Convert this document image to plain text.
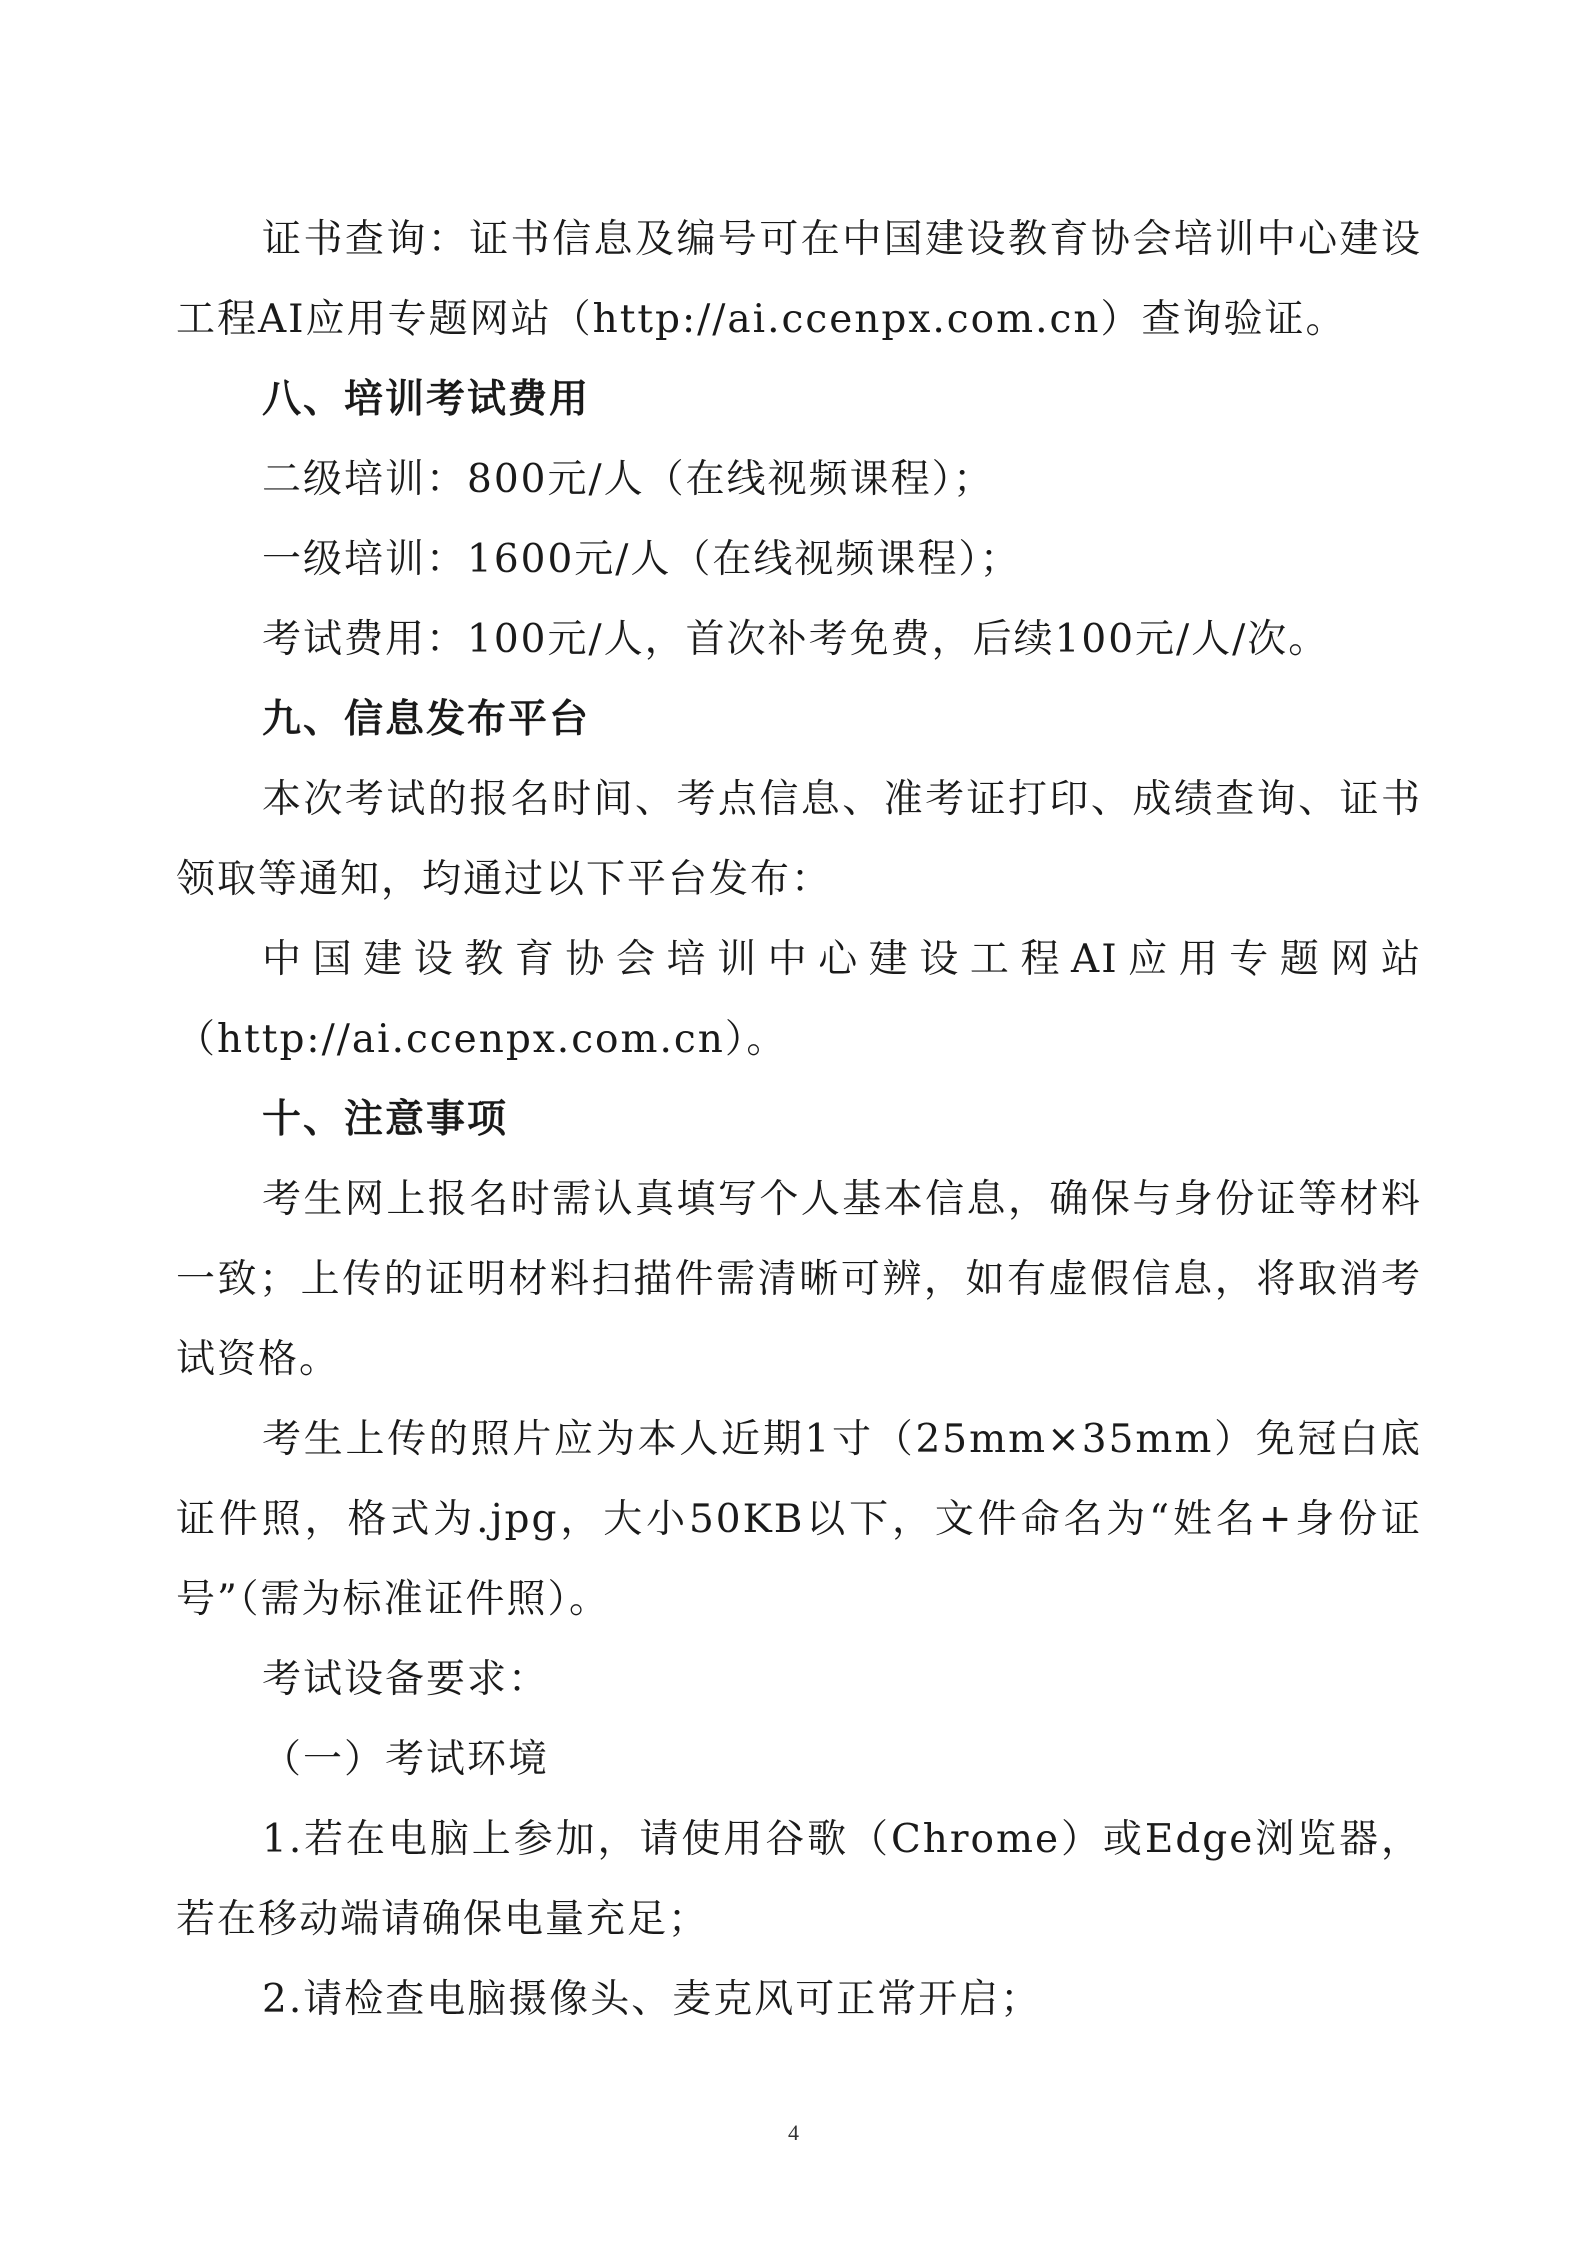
证书查询：证书信息及编号可在中国建设教育协会培训中心建设工程AI应用专题网站（http://ai.ccenpx.com.cn）查询验证。

八、培训考试费用

二级培训：800元/人（在线视频课程）；

一级培训：1600元/人（在线视频课程）；

考试费用：100元/人，首次补考免费，后续100元/人/次。

九、信息发布平台

本次考试的报名时间、考点信息、准考证打印、成绩查询、证书领取等通知，均通过以下平台发布：

中国建设教育协会培训中心建设工程AI应用专题网站（http://ai.ccenpx.com.cn）。

十、注意事项

考生网上报名时需认真填写个人基本信息，确保与身份证等材料一致；上传的证明材料扫描件需清晰可辨，如有虚假信息，将取消考试资格。

考生上传的照片应为本人近期1寸（25mm×35mm）免冠白底证件照，格式为.jpg，大小50KB以下，文件命名为“姓名+身份证号”（需为标准证件照）。

考试设备要求：

（一）考试环境

1.若在电脑上参加，请使用谷歌（Chrome）或Edge浏览器，若在移动端请确保电量充足；

2.请检查电脑摄像头、麦克风可正常开启；

4
